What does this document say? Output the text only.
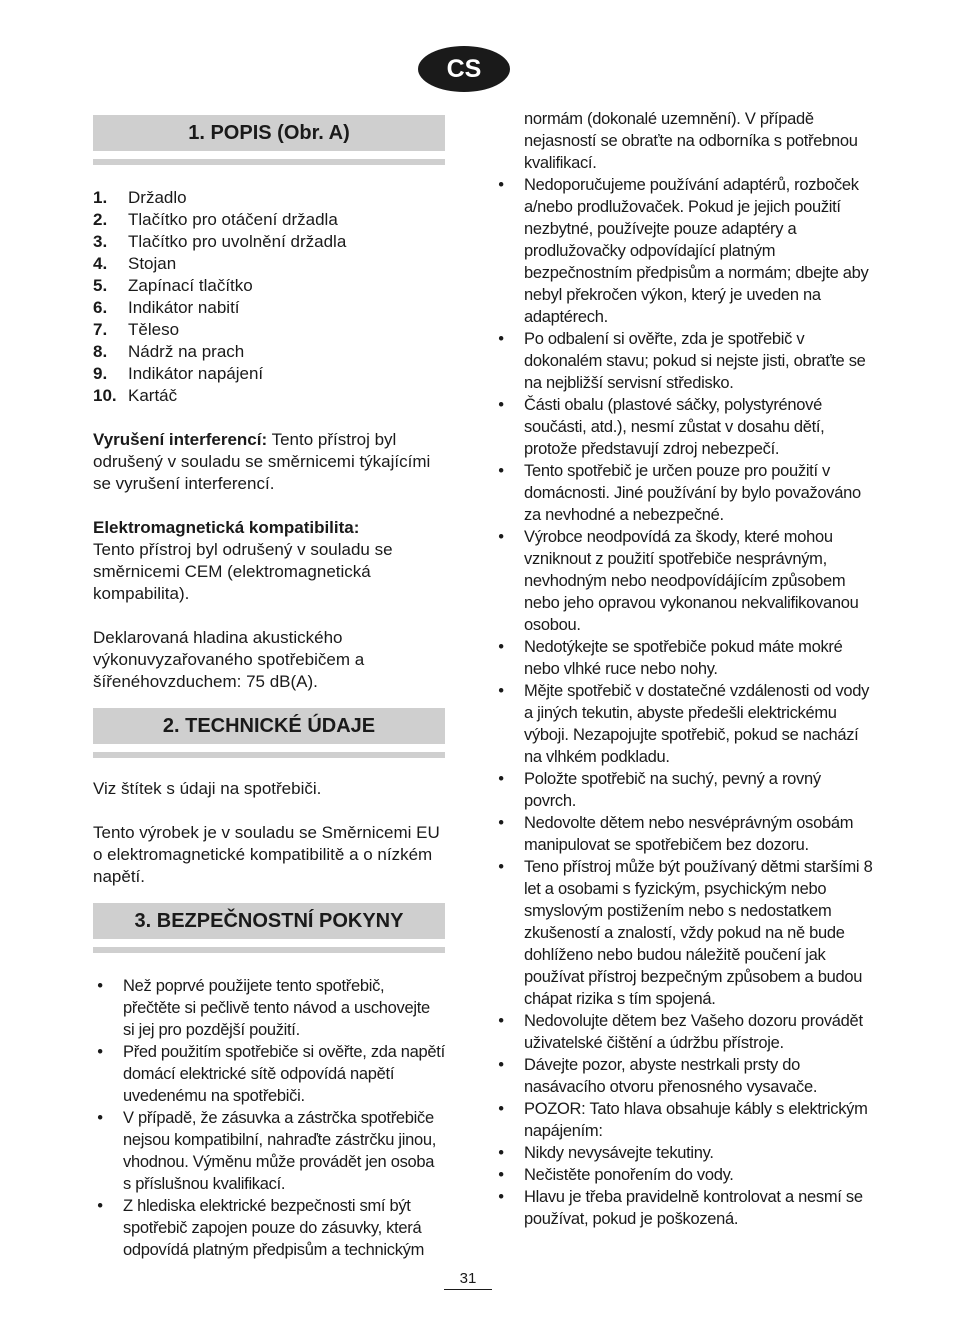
CS
1. POPIS (Obr. A)
1.	Držadlo
2.	Tlačítko pro otáčení držadla
3.	Tlačítko pro uvolnění držadla
4.	Stojan
5.	Zapínací tlačítko
6.	Indikátor nabití
7.	Těleso
8.	Nádrž na prach
9.	Indikátor napájení
10. Kartáč

Vyrušení interferencí: Tento přístroj byl odrušený v souladu se směrnicemi týkajícími se vyrušení interferencí.

Elektromagnetická kompatibilita:

Tento přístroj byl odrušený v souladu se směrnicemi CEM (elektromagnetická kompabilita).

Deklarovaná hladina akustického výkonuvyzařovaného spotřebičem a šířenéhovzduchem: 75 dB(A).

2. TECHNICKÉ ÚDAJE

Viz štítek s údaji na spotřebiči.

Tento výrobek je v souladu se Směrnicemi EU o elektromagnetické kompatibilitě a o nízkém napětí.

3. BEZPEČNOSTNÍ POKYNY
• Než poprvé použijete tento spotřebič, přečtěte si pečlivě tento návod a uschovejte si jej pro pozdější použití.
• Před použitím spotřebiče si ověřte, zda napětí domácí elektrické sítě odpovídá napětí uvedenému na spotřebiči.
• V případě, že zásuvka a zástrčka spotřebiče nejsou kompatibilní, nahraďte zástrčku jinou, vhodnou. Výměnu může provádět jen osoba s příslušnou kvalifikací.
• Z hlediska elektrické bezpečnosti smí být spotřebič zapojen pouze do zásuvky, která odpovídá platným předpisům a technickým
normám (dokonalé uzemnění). V případě nejasností se obraťte na odborníka s potřebnou kvalifikací.
• Nedoporučujeme používání adaptérů, rozboček a/nebo prodlužovaček. Pokud je jejich použití nezbytné, používejte pouze adaptéry a prodlužovačky odpovídající platným bezpečnostním předpisům a normám; dbejte aby nebyl překročen výkon, který je uveden na adaptérech.
• Po odbalení si ověřte, zda je spotřebič v dokonalém stavu; pokud si nejste jisti, obraťte se na nejbližší servisní středisko.
• Části obalu (plastové sáčky, polystyrénové součásti, atd.), nesmí zůstat v dosahu dětí, protože představují zdroj nebezpečí.
• Tento spotřebič je určen pouze pro použití v domácnosti. Jiné používání by bylo považováno za nevhodné a nebezpečné.
• Výrobce neodpovídá za škody, které mohou vzniknout z použití spotřebiče nesprávným, nevhodným nebo neodpovídájícím způsobem nebo jeho opravou vykonanou nekvalifikovanou osobou.
• Nedotýkejte se spotřebiče pokud máte mokré nebo vlhké ruce nebo nohy.
• Mějte spotřebič v dostatečné vzdálenosti od vody a jiných tekutin, abyste předešli elektrickému výboji. Nezapojujte spotřebič, pokud se nachází na vlhkém podkladu.
• Položte spotřebič na suchý, pevný a rovný povrch.
• Nedovolte dětem nebo nesvéprávným osobám manipulovat se spotřebičem bez dozoru.
• Teno přístroj může být používaný dětmi staršími 8 let a osobami s fyzickým, psychickým nebo smyslovým postižením nebo s nedostatkem zkušeností a znalostí, vždy pokud na ně bude dohlíženo nebo budou náležitě poučení jak používat přístroj bezpečným způsobem a budou chápat rizika s tím spojená.
• Nedovolujte dětem bez Vašeho dozoru provádět uživatelské čištění a údržbu přístroje.
• Dávejte pozor, abyste nestrkali prsty do nasávacího otvoru přenosného vysavače.
• POZOR: Tato hlava obsahuje kábly s elektrickým napájením:
• Nikdy nevysávejte tekutiny.
• Nečistěte ponořením do vody.
• Hlavu je třeba pravidelně kontrolovat a nesmí se používat, pokud je poškozená.
31
